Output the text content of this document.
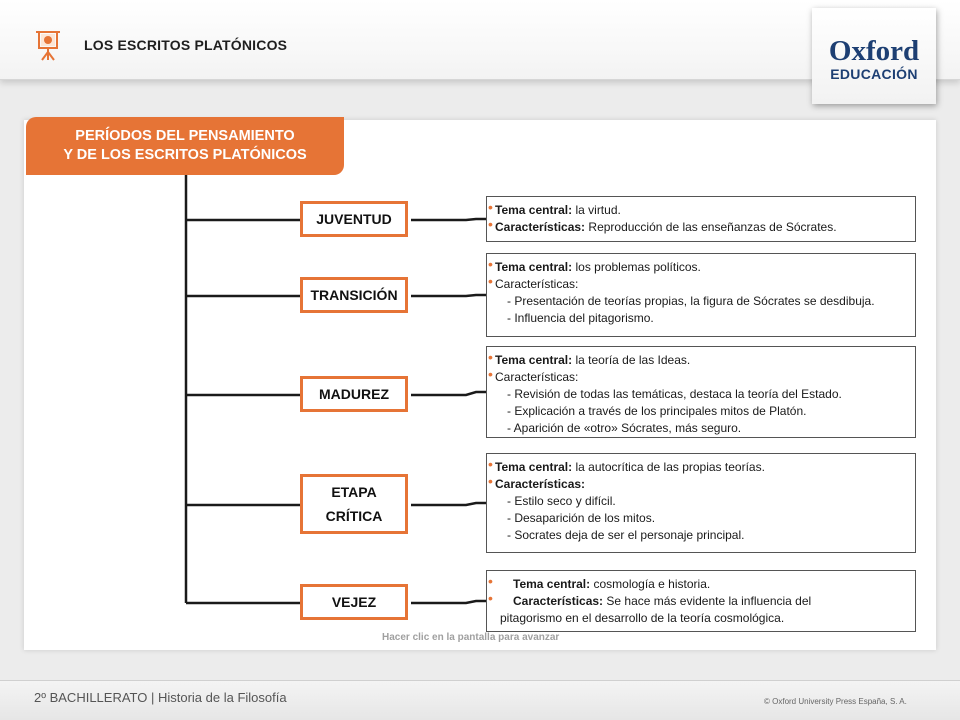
LOS ESCRITOS PLATÓNICOS	Oxford
EDUCACIÓN
PERÍODOS DEL PENSAMIENTO
Y DE LOS ESCRITOS PLATÓNICOS
JUVENTUD
• Tema central: la virtud.
• Características: Reproducción de las enseñanzas de Sócrates.
TRANSICIÓN
• Tema central: los problemas políticos.
• Características:
- Presentación de teorías propias, la figura de Sócrates se desdibuja.
- Influencia del pitagorismo.
MADUREZ
• Tema central: la teoría de las Ideas.
• Características:
- Revisión de todas las temáticas, destaca la teoría del Estado.
- Explicación a través de los principales mitos de Platón.
- Aparición de «otro» Sócrates, más seguro.
ETAPA
CRÍTICA
• Tema central: la autocrítica de las propias teorías.
• Características:
- Estilo seco y difícil.
- Desaparición de los mitos.
- Socrates deja de ser el personaje principal.
VEJEZ
• Tema central: cosmología e historia.
• Características: Se hace más evidente la influencia del
pitagorismo en el desarrollo de la teoría cosmológica.
Hacer clic en la pantalla para avanzar
2º BACHILLERATO | Historia de la Filosofía	© Oxford University Press España, S. A.
